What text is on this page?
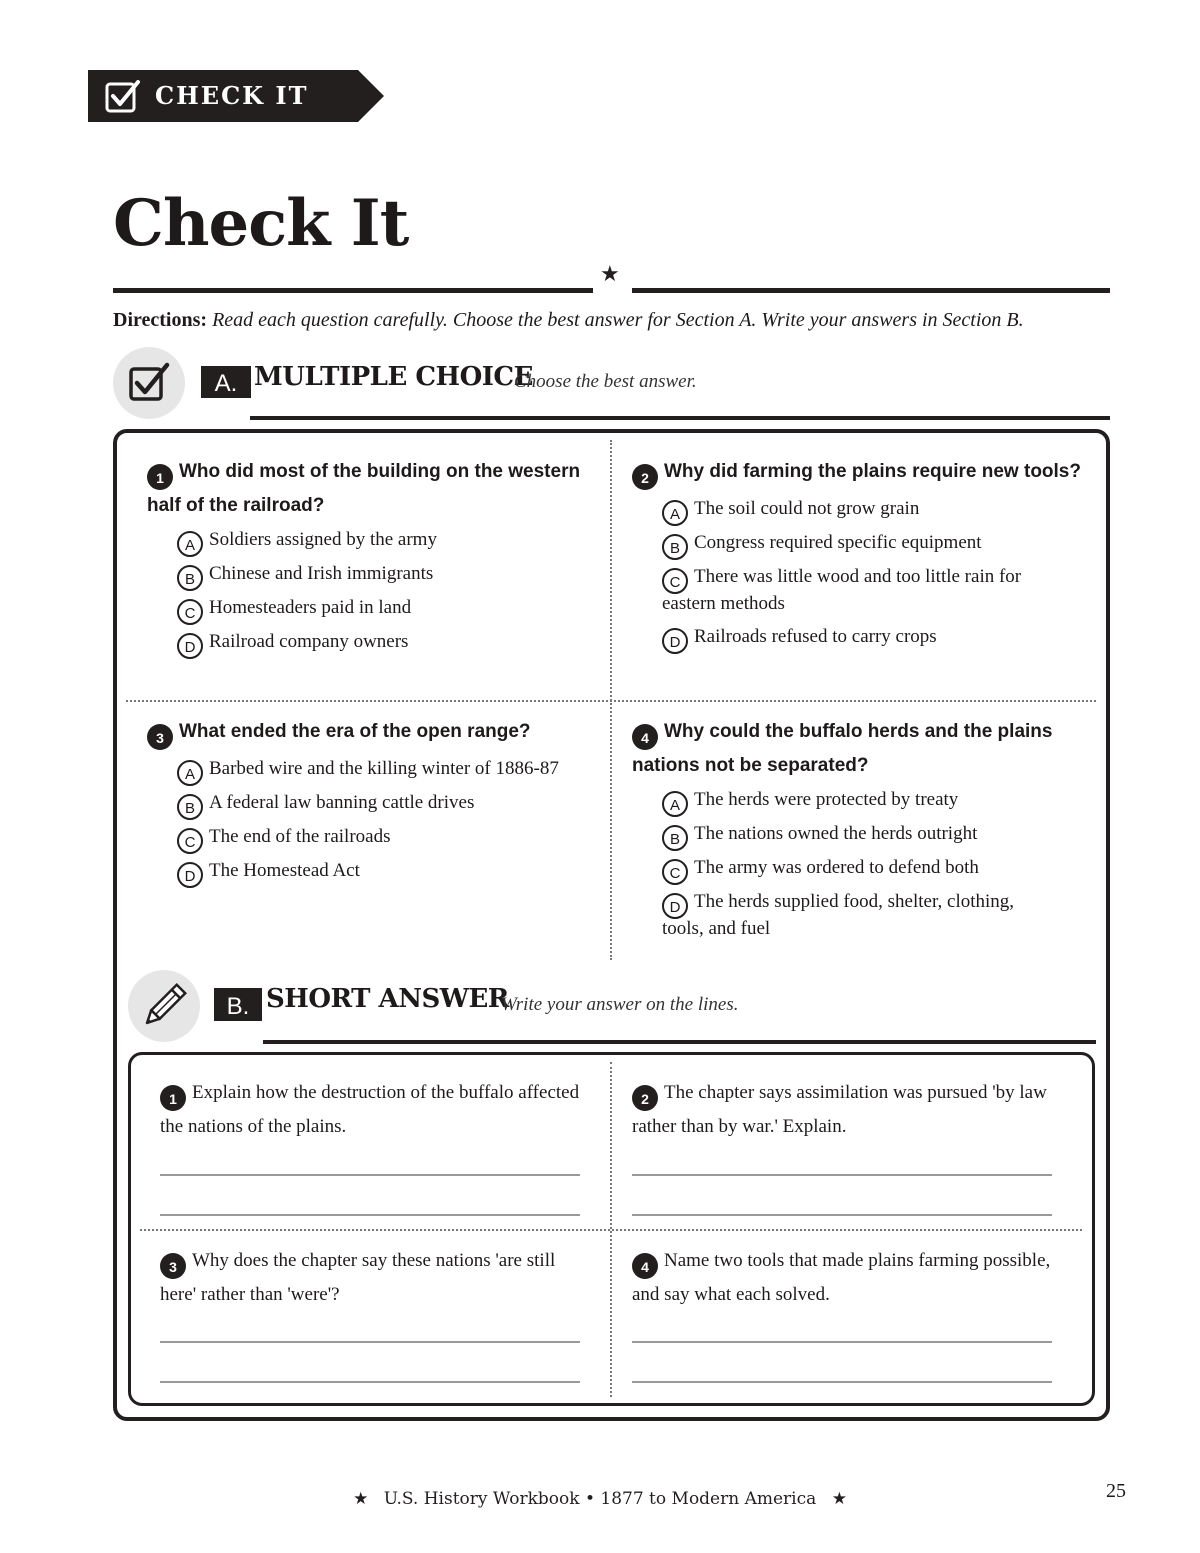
CHECK IT
Check It
★
Directions: Read each question carefully. Choose the best answer for Section A. Write your answers in Section B.
A. MULTIPLE CHOICE
Choose the best answer.
1 Who did most of the building on the western half of the railroad?
A Soldiers assigned by the army
B Chinese and Irish immigrants
C Homesteaders paid in land
D Railroad company owners
2 Why did farming the plains require new tools?
A The soil could not grow grain
B Congress required specific equipment
C There was little wood and too little rain for
eastern methods
D Railroads refused to carry crops
3 What ended the era of the open range?
A Barbed wire and the killing winter of 1886-87
B A federal law banning cattle drives
C The end of the railroads
D The Homestead Act
4 Why could the buffalo herds and the plains nations not be separated?
A The herds were protected by treaty
B The nations owned the herds outright
C The army was ordered to defend both
D The herds supplied food, shelter, clothing,
tools, and fuel
B. SHORT ANSWER
Write your answer on the lines.
1 Explain how the destruction of the buffalo affected the nations of the plains.
2 The chapter says assimilation was pursued 'by law rather than by war.' Explain.
3 Why does the chapter say these nations 'are still here' rather than 'were'?
4 Name two tools that made plains farming possible, and say what each solved.
★ U.S. History Workbook • 1877 to Modern America ★	25
